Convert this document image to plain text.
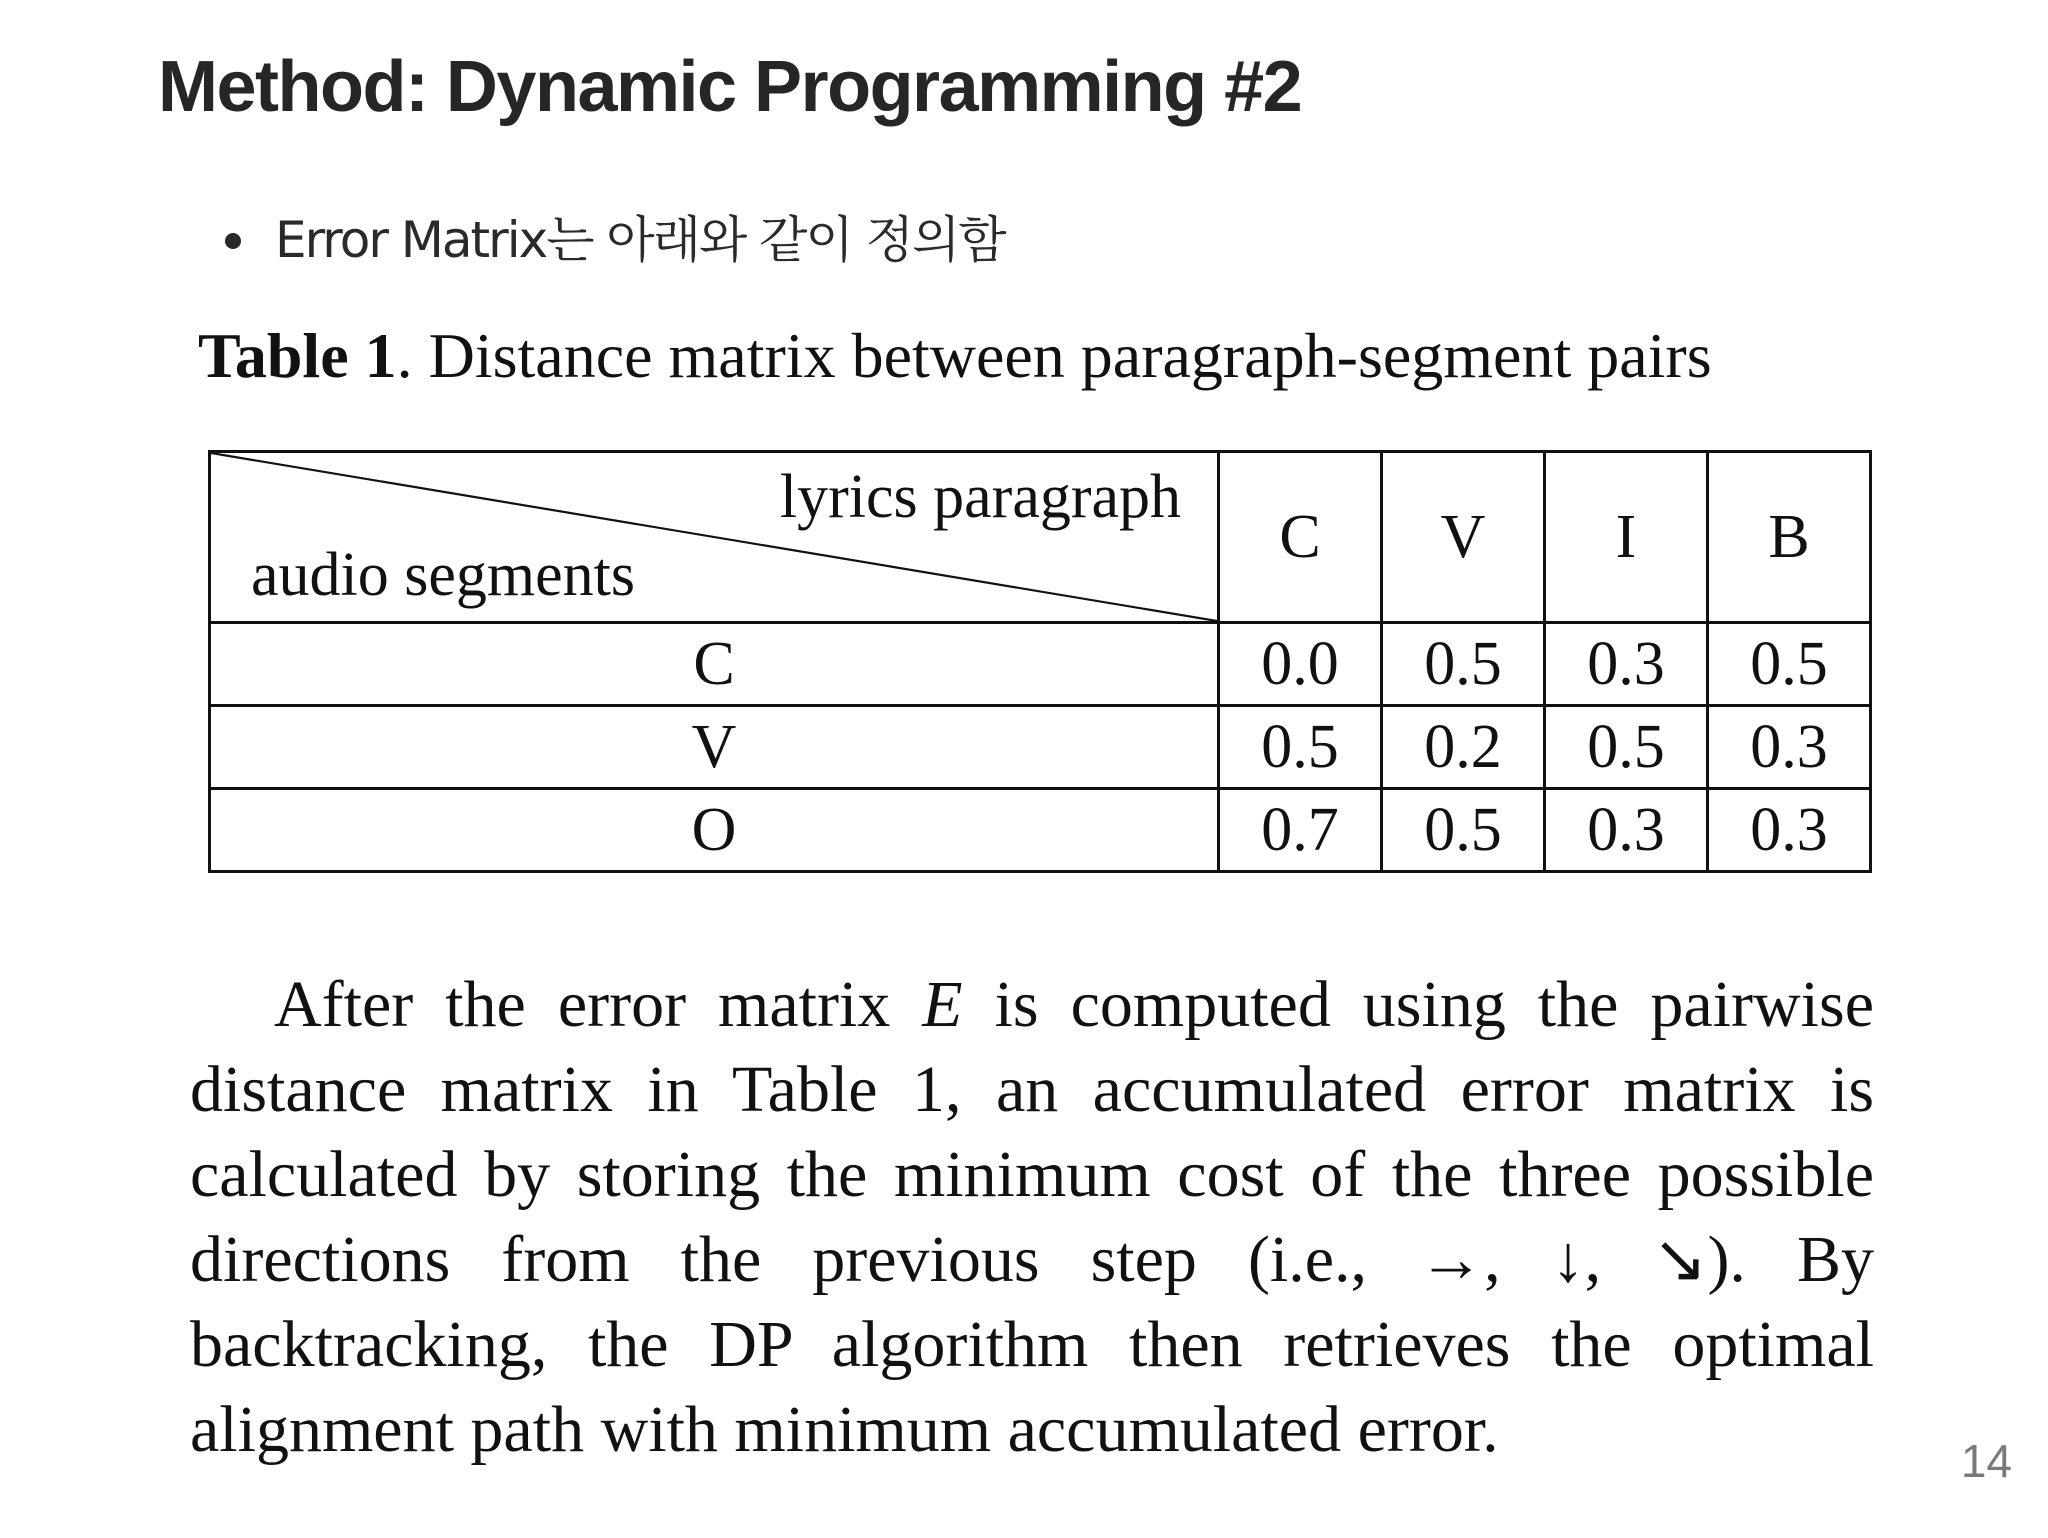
Method: Dynamic Programming #2
Error Matrix는 아래와 같이 정의함

Table 1. Distance matrix between paragraph-segment pairs

lyrics paragraph
audio segments	C	V	I	B
C	0.0	0.5	0.3	0.5
V	0.5	0.2	0.5	0.3
O	0.7	0.5	0.3	0.3

After the error matrix E is computed using the pairwise distance matrix in Table 1, an accumulated error matrix is calculated by storing the minimum cost of the three possible directions from the previous step (i.e., →, ↓, ↘). By backtracking, the DP algorithm then retrieves the optimal alignment path with minimum accumulated error.	14
